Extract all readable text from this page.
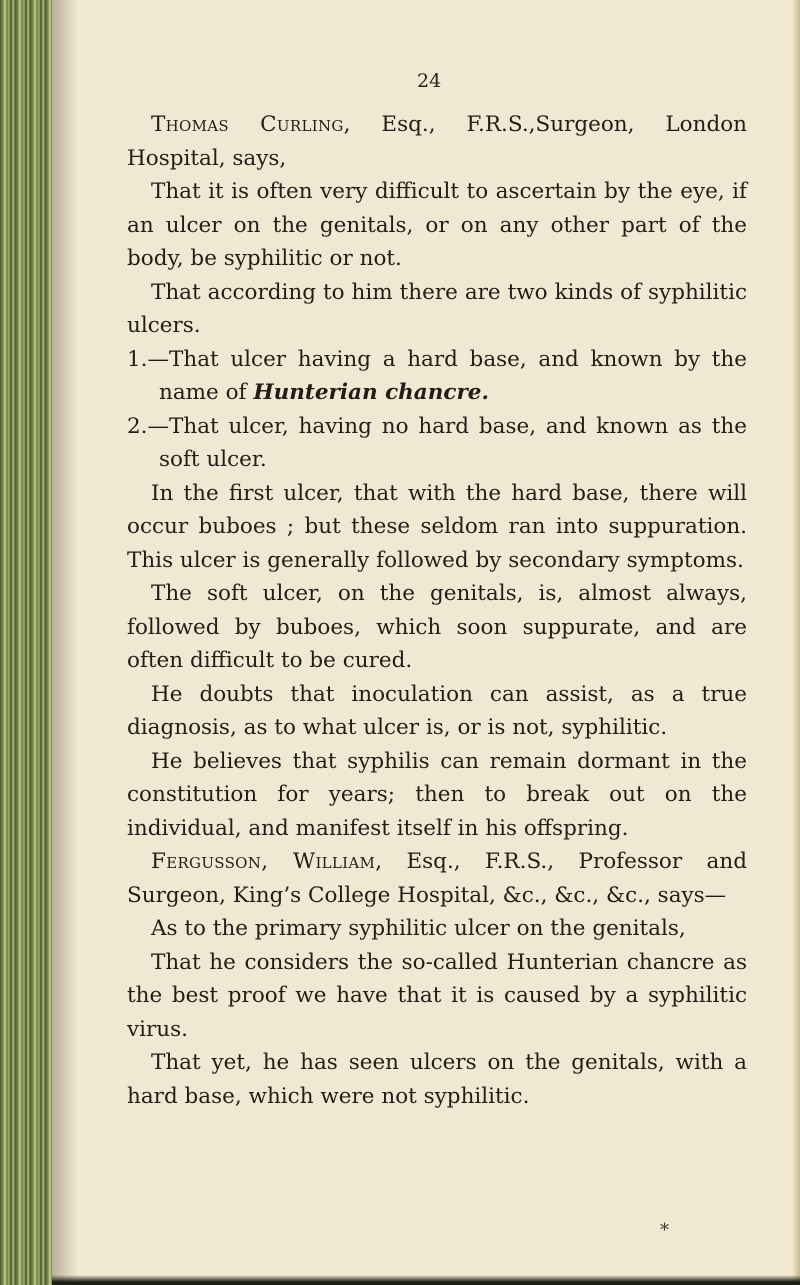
24

Thomas Curling, Esq., F.R.S.,Surgeon, London Hospital, says,

That it is often very difficult to ascertain by the eye, if an ulcer on the genitals, or on any other part of the body, be syphilitic or not.

That according to him there are two kinds of syphilitic ulcers.

1.—That ulcer having a hard base, and known by the name of Hunterian chancre.

2.—That ulcer, having no hard base, and known as the soft ulcer.

In the first ulcer, that with the hard base, there will occur buboes ; but these seldom ran into suppuration. This ulcer is generally followed by secondary symptoms.

The soft ulcer, on the genitals, is, almost always, followed by buboes, which soon suppurate, and are often difficult to be cured.

He doubts that inoculation can assist, as a true diagnosis, as to what ulcer is, or is not, syphilitic.

He believes that syphilis can remain dormant in the constitution for years; then to break out on the individual, and manifest itself in his offspring.

Fergusson, William, Esq., F.R.S., Professor and Surgeon, King’s College Hospital, &c., &c., &c., says—

As to the primary syphilitic ulcer on the genitals,

That he considers the so-called Hunterian chancre as the best proof we have that it is caused by a syphilitic virus.

That yet, he has seen ulcers on the genitals, with a hard base, which were not syphilitic.

*
